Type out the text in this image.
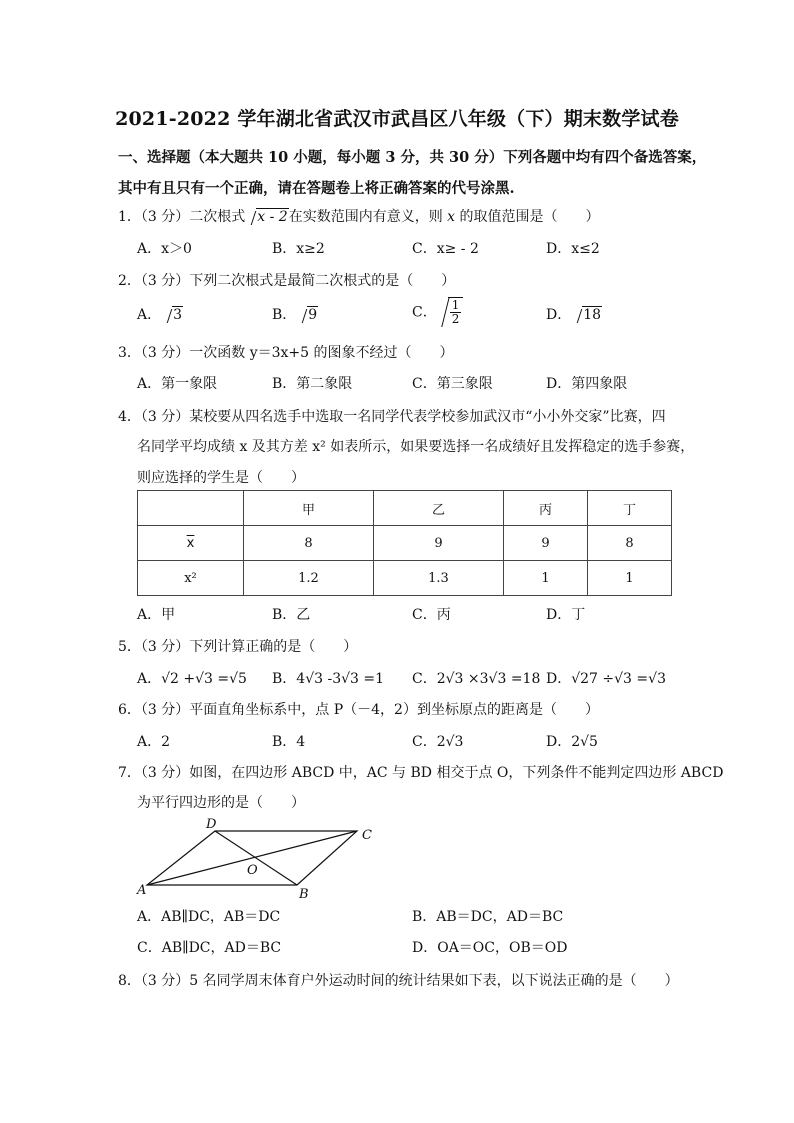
2021-2022 学年湖北省武汉市武昌区八年级（下）期末数学试卷
一、选择题（本大题共 10 小题，每小题 3 分，共 30 分）下列各题中均有四个备选答案，
其中有且只有一个正确，请在答题卷上将正确答案的代号涂黑.
1．（3 分）二次根式 x - 2在实数范围内有意义，则 x 的取值范围是（　　）
A．x＞0	B．x≥2	C．x≥ - 2	D．x≤2
2．（3 分）下列二次根式是最简二次根式的是（　　）
A． 3	B． 9	C． $\frac{1}{2}$	D． 18
3．（3 分）一次函数 y＝3x+5 的图象不经过（　　）
A．第一象限	B．第二象限	C．第三象限	D．第四象限
4．（3 分）某校要从四名选手中选取一名同学代表学校参加武汉市“小小外交家”比赛，四
名同学平均成绩 x 及其方差 x² 如表所示，如果要选择一名成绩好且发挥稳定的选手参赛，
则应选择的学生是（　　）
	甲	乙	丙	丁
$\overline{x}$	8	9	9	8
x²	1.2	1.3	1	1
A．甲	B．乙	C．丙	D．丁
5．（3 分）下列计算正确的是（　　）
A．√2 +√3 =√5 B．4√3 -3√3 =1 C．2√3 ×3√3 =18 D．√27 ÷√3 =√3
6．（3 分）平面直角坐标系中，点 P（－4，2）到坐标原点的距离是（　　）
A．2	B．4	C．2√3	D．2√5
7．（3 分）如图，在四边形 ABCD 中，AC 与 BD 相交于点 O，下列条件不能判定四边形 ABCD
为平行四边形的是（　　）
D
C
A	B
O
A．AB∥DC，AB＝DC	B．AB＝DC，AD＝BC
C．AB∥DC，AD＝BC	D．OA＝OC，OB＝OD
8．（3 分）5 名同学周末体育户外运动时间的统计结果如下表，以下说法正确的是（　　）
